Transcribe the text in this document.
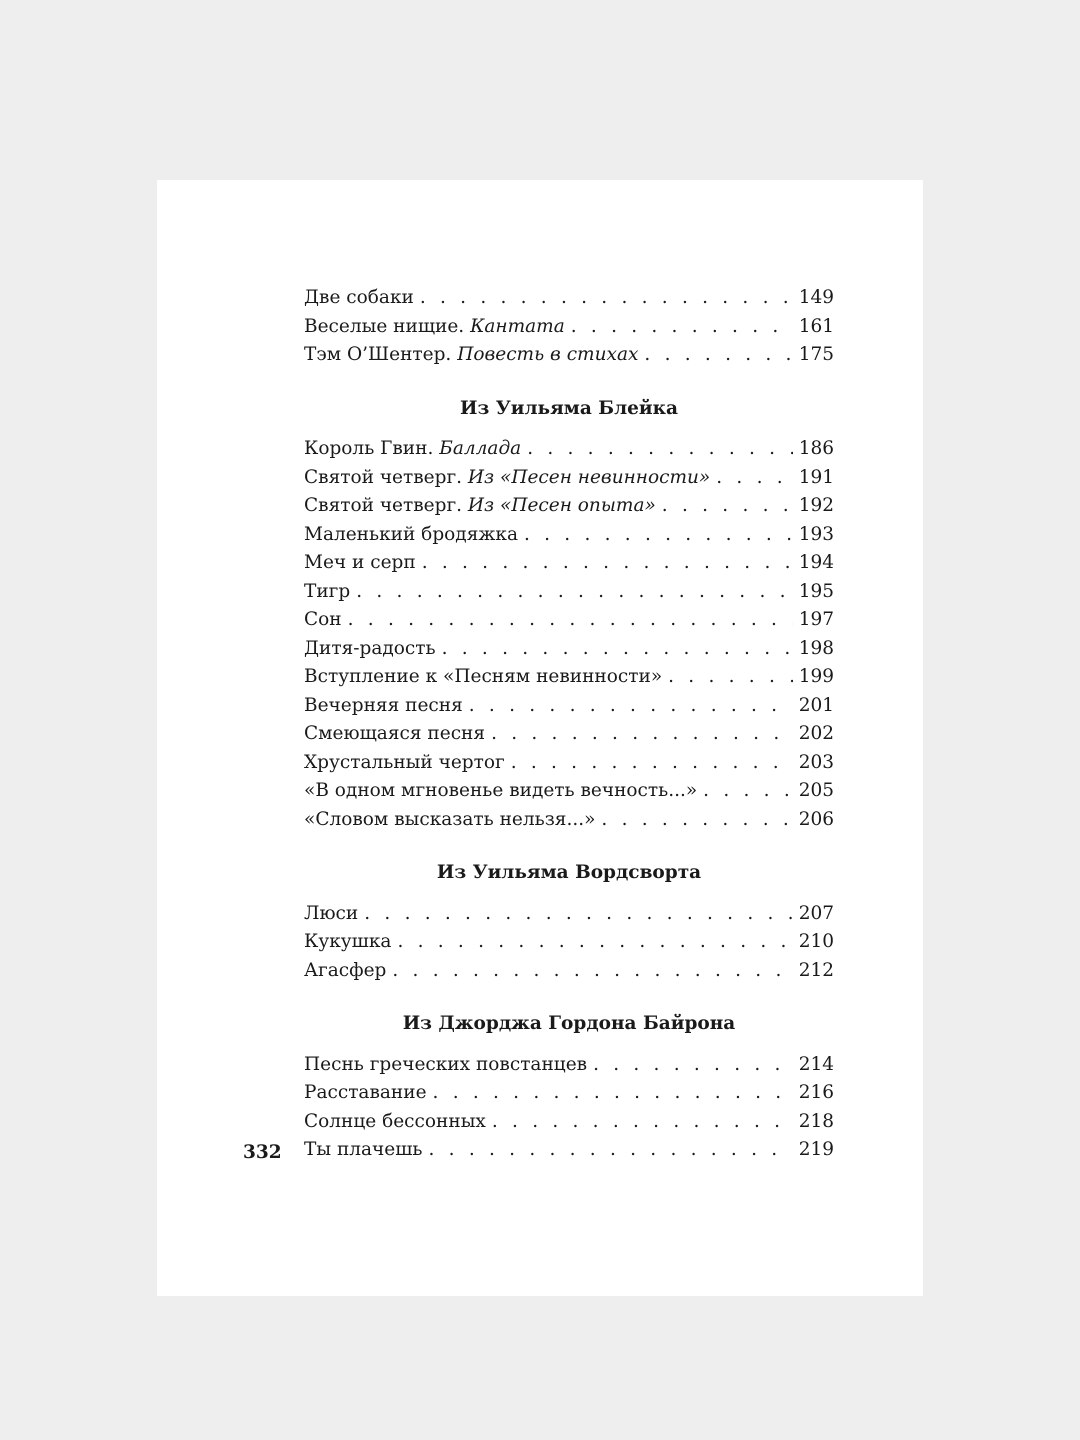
Две собаки . . .	149
Веселые нищие. Кантата . . .	161
Тэм О’Шентер. Повесть в стихах . . .	175
Из Уильяма Блейка
Король Гвин. Баллада . . .	186
Святой четверг. Из «Песен невинности» . . .	191
Святой четверг. Из «Песен опыта» . . .	192
Маленький бродяжка . . .	193
Меч и серп . . .	194
Тигр . . .	195
Сон . . .	197
Дитя-радость . . .	198
Вступление к «Песням невинности» . . .	199
Вечерняя песня . . .	201
Смеющаяся песня . . .	202
Хрустальный чертог . . .	203
«В одном мгновенье видеть вечность...» . . .	205
«Словом высказать нельзя...» . . .	206
Из Уильяма Вордсворта
Люси . . .	207
Кукушка . . .	210
Агасфер . . .	212
Из Джорджа Гордона Байрона
Песнь греческих повстанцев . . .	214
Расставание . . .	216
Солнце бессонных . . .	218
Ты плачешь . . .	219
332
